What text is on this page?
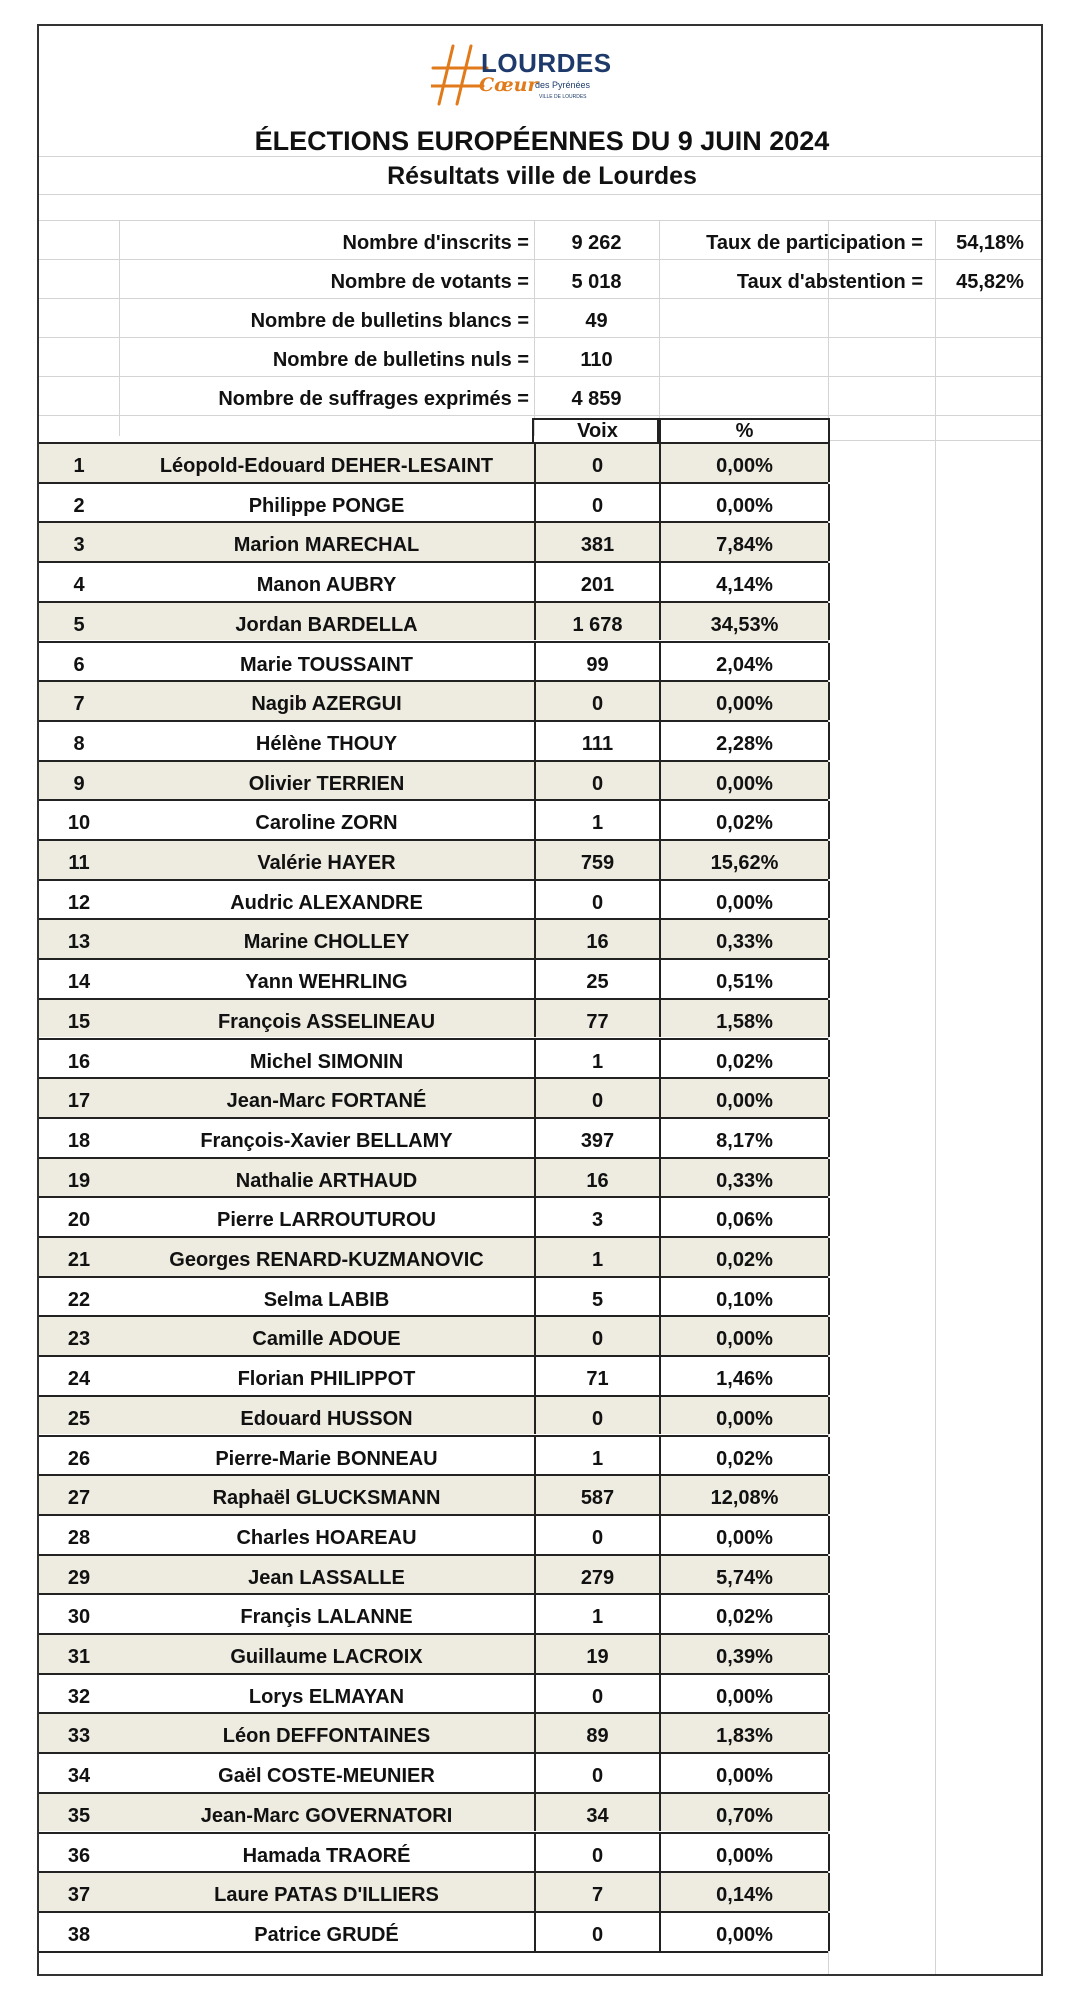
LOURDES
Cœur
des Pyrénées
VILLE DE LOURDES
ÉLECTIONS EUROPÉENNES DU 9 JUIN 2024
Résultats ville de Lourdes
Nombre d'inscrits =	9 262
Nombre de votants =	5 018
Nombre de bulletins blancs =	49
Nombre de bulletins nuls =	110
Nombre de suffrages exprimés =	4 859
Taux de participation =	54,18%
Taux d'abstention =	45,82%
Voix	%
1	Léopold-Edouard DEHER-LESAINT	0	0,00%
2	Philippe PONGE	0	0,00%
3	Marion MARECHAL	381	7,84%
4	Manon AUBRY	201	4,14%
5	Jordan BARDELLA	1 678	34,53%
6	Marie TOUSSAINT	99	2,04%
7	Nagib AZERGUI	0	0,00%
8	Hélène THOUY	111	2,28%
9	Olivier TERRIEN	0	0,00%
10	Caroline ZORN	1	0,02%
11	Valérie HAYER	759	15,62%
12	Audric ALEXANDRE	0	0,00%
13	Marine CHOLLEY	16	0,33%
14	Yann WEHRLING	25	0,51%
15	François ASSELINEAU	77	1,58%
16	Michel SIMONIN	1	0,02%
17	Jean-Marc FORTANÉ	0	0,00%
18	François-Xavier BELLAMY	397	8,17%
19	Nathalie ARTHAUD	16	0,33%
20	Pierre LARROUTUROU	3	0,06%
21	Georges RENARD-KUZMANOVIC	1	0,02%
22	Selma LABIB	5	0,10%
23	Camille ADOUE	0	0,00%
24	Florian PHILIPPOT	71	1,46%
25	Edouard HUSSON	0	0,00%
26	Pierre-Marie BONNEAU	1	0,02%
27	Raphaël GLUCKSMANN	587	12,08%
28	Charles HOAREAU	0	0,00%
29	Jean LASSALLE	279	5,74%
30	Françis LALANNE	1	0,02%
31	Guillaume LACROIX	19	0,39%
32	Lorys ELMAYAN	0	0,00%
33	Léon DEFFONTAINES	89	1,83%
34	Gaël COSTE-MEUNIER	0	0,00%
35	Jean-Marc GOVERNATORI	34	0,70%
36	Hamada TRAORÉ	0	0,00%
37	Laure PATAS D'ILLIERS	7	0,14%
38	Patrice GRUDÉ	0	0,00%
